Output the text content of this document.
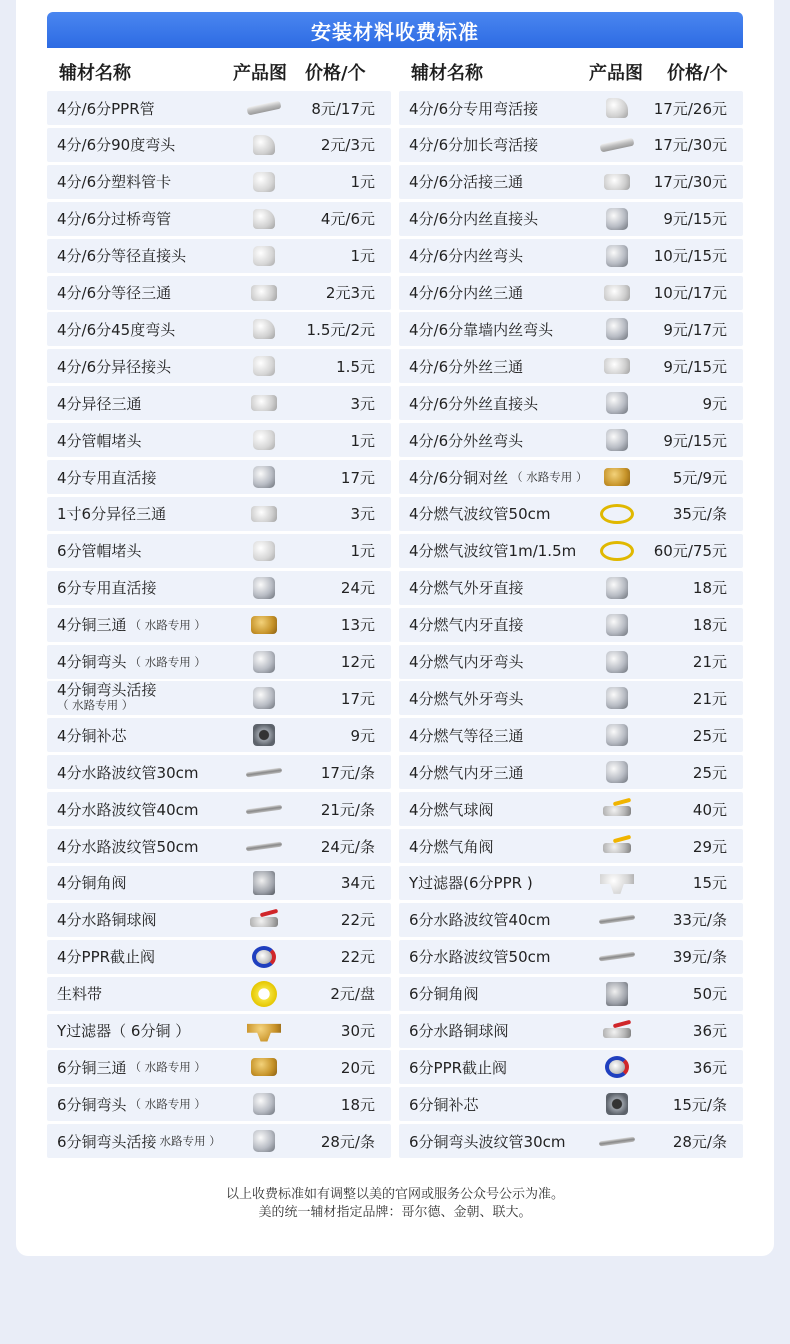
安装材料收费标准
辅材名称	产品图 价格/个
4分/6分PPR管	8元/17元
4分/6分90度弯头	2元/3元
4分/6分塑料管卡	1元
4分/6分过桥弯管	4元/6元
4分/6分等径直接头	1元
4分/6分等径三通	2元3元
4分/6分45度弯头	1.5元/2元
4分/6分异径接头	1.5元
4分异径三通	3元
4分管帽堵头	1元
4分专用直活接	17元
1寸6分异径三通	3元
6分管帽堵头	1元
6分专用直活接	24元
4分铜三通 （ 水路专用 ）	13元
4分铜弯头 （ 水路专用 ）	12元
4分铜弯头活接
（ 水路专用 ）	17元
4分铜补芯	9元
4分水路波纹管30cm	17元/条
4分水路波纹管40cm	21元/条
4分水路波纹管50cm	24元/条
4分铜角阀	34元
4分水路铜球阀	22元
4分PPR截止阀	22元
生料带	2元/盘
Y过滤器（ 6分铜 ）	30元
6分铜三通 （ 水路专用 ）	20元
6分铜弯头 （ 水路专用 ）	18元
6分铜弯头活接 水路专用 ）	28元/条
辅材名称	产品图 价格/个
4分/6分专用弯活接	17元/26元
4分/6分加长弯活接	17元/30元
4分/6分活接三通	17元/30元
4分/6分内丝直接头	9元/15元
4分/6分内丝弯头	10元/15元
4分/6分内丝三通	10元/17元
4分/6分靠墙内丝弯头	9元/17元
4分/6分外丝三通	9元/15元
4分/6分外丝直接头	9元
4分/6分外丝弯头	9元/15元
4分/6分铜对丝 （ 水路专用 ）	5元/9元
4分燃气波纹管50cm	35元/条
4分燃气波纹管1m/1.5m	60元/75元
4分燃气外牙直接	18元
4分燃气内牙直接	18元
4分燃气内牙弯头	21元
4分燃气外牙弯头	21元
4分燃气等径三通	25元
4分燃气内牙三通	25元
4分燃气球阀	40元
4分燃气角阀	29元
Y过滤器(6分PPR )	15元
6分水路波纹管40cm	33元/条
6分水路波纹管50cm	39元/条
6分铜角阀	50元
6分水路铜球阀	36元
6分PPR截止阀	36元
6分铜补芯	15元/条
6分铜弯头波纹管30cm	28元/条
以上收费标准如有调整以美的官网或服务公众号公示为准。
美的统一辅材指定品牌：哥尔德、金朝、联大。
